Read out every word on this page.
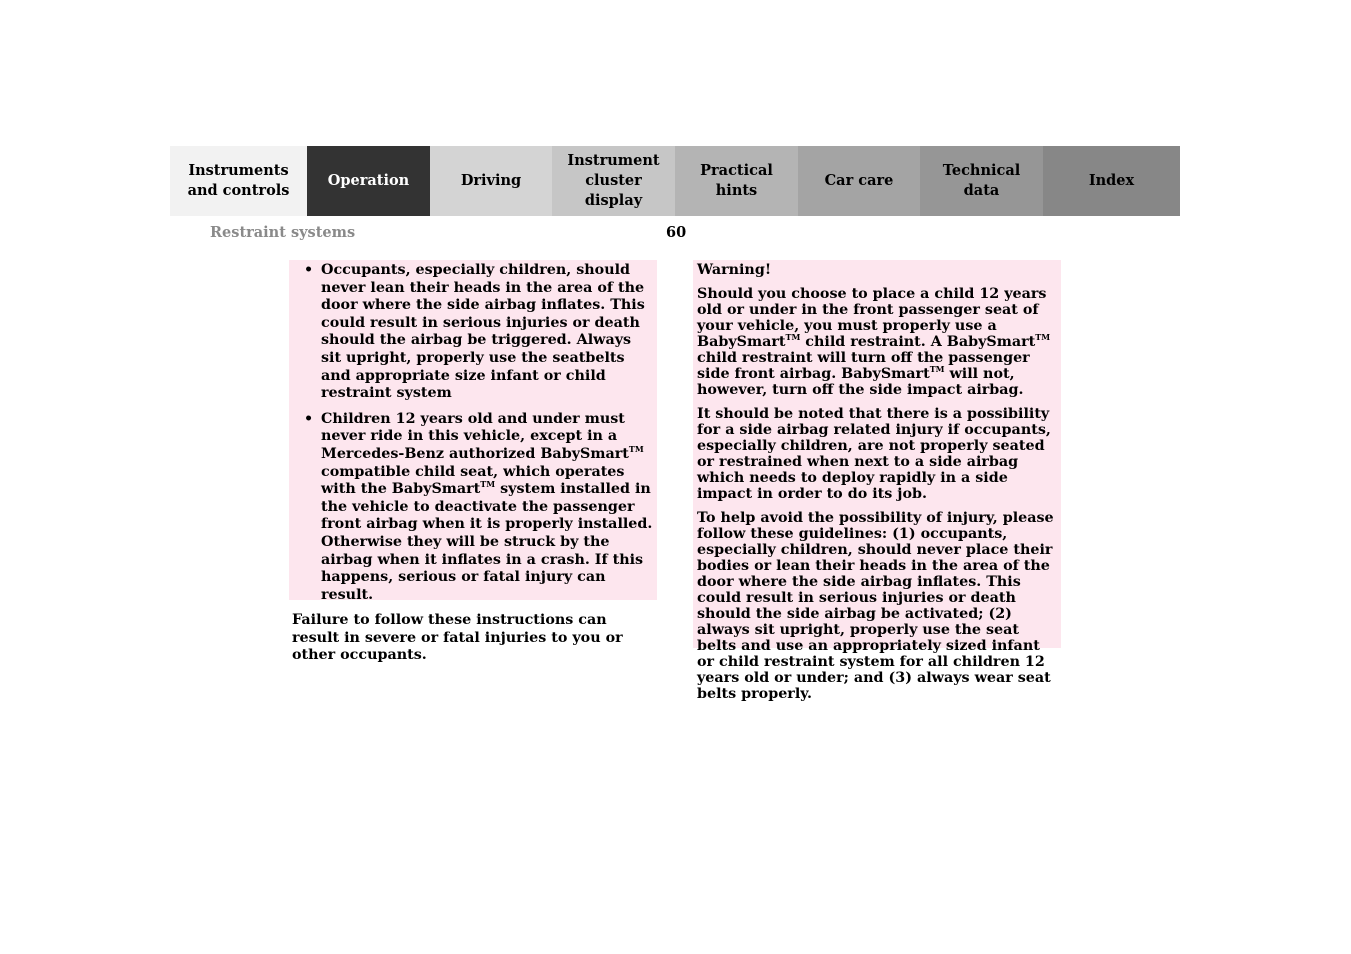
Instruments
and controls
Operation	Driving
Instrument
cluster display
Practical hints
Car care
Technical
data
Index
Restraint systems	60
• Occupants, especially children, should never lean their heads in the area of the door where the side airbag inflates. This could result in serious injuries or death should the airbag be triggered. Always sit upright, properly use the seatbelts and appropriate size infant or child restraint system
• Children 12 years old and under must never ride in this vehicle, except in a Mercedes-Benz authorized BabySmart™ compatible child seat, which operates with the BabySmart™ system installed in the vehicle to deactivate the passenger front airbag when it is properly installed. Otherwise they will be struck by the airbag when it inflates in a crash. If this happens, serious or fatal injury can result.
Failure to follow these instructions can result in severe or fatal injuries to you or other occupants.
Warning!
Should you choose to place a child 12 years old or under in the front passenger seat of your vehicle, you must properly use a BabySmart™ child restraint. A BabySmart™ child restraint will turn off the passenger side front airbag. BabySmart™ will not, however, turn off the side impact airbag.
It should be noted that there is a possibility for a side airbag related injury if occupants, especially children, are not properly seated or restrained when next to a side airbag which needs to deploy rapidly in a side impact in order to do its job.
To help avoid the possibility of injury, please follow these guidelines: (1) occupants, especially children, should never place their bodies or lean their heads in the area of the door where the side airbag inflates. This could result in serious injuries or death should the side airbag be activated; (2) always sit upright, properly use the seat belts and use an appropriately sized infant or child restraint system for all children 12 years old or under; and (3) always wear seat belts properly.
